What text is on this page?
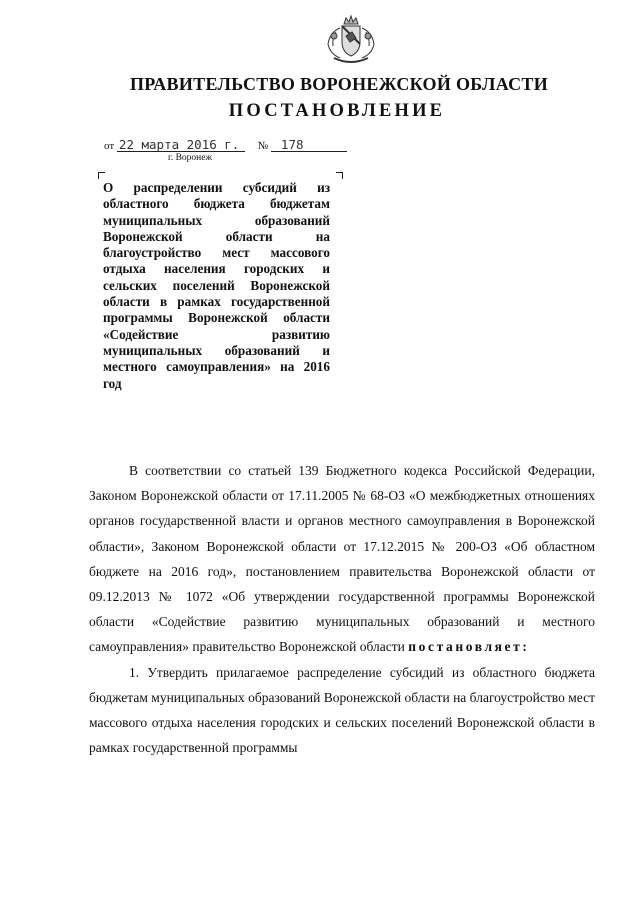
ПРАВИТЕЛЬСТВО ВОРОНЕЖСКОЙ ОБЛАСТИ
ПОСТАНОВЛЕНИЕ
от 22 марта 2016 г. № 178
г. Воронеж
О распределении субсидий из областного бюджета бюджетам муниципальных образований Воронежской области на благоустройство мест массового отдыха населения городских и сельских поселений Воронежской области в рамках государственной программы Воронежской области «Содействие развитию муниципальных образований и местного самоуправления» на 2016 год

В соответствии со статьей 139 Бюджетного кодекса Российской Федерации, Законом Воронежской области от 17.11.2005 № 68-ОЗ «О межбюджетных отношениях органов государственной власти и органов местного самоуправления в Воронежской области», Законом Воронежской области от 17.12.2015 № 200-ОЗ «Об областном бюджете на 2016 год», постановлением правительства Воронежской области от 09.12.2013 № 1072 «Об утверждении государственной программы Воронежской области «Содействие развитию муниципальных образований и местного самоуправления» правительство Воронежской области постановляет:

1. Утвердить прилагаемое распределение субсидий из областного бюджета бюджетам муниципальных образований Воронежской области на благоустройство мест массового отдыха населения городских и сельских поселений Воронежской области в рамках государственной программы
